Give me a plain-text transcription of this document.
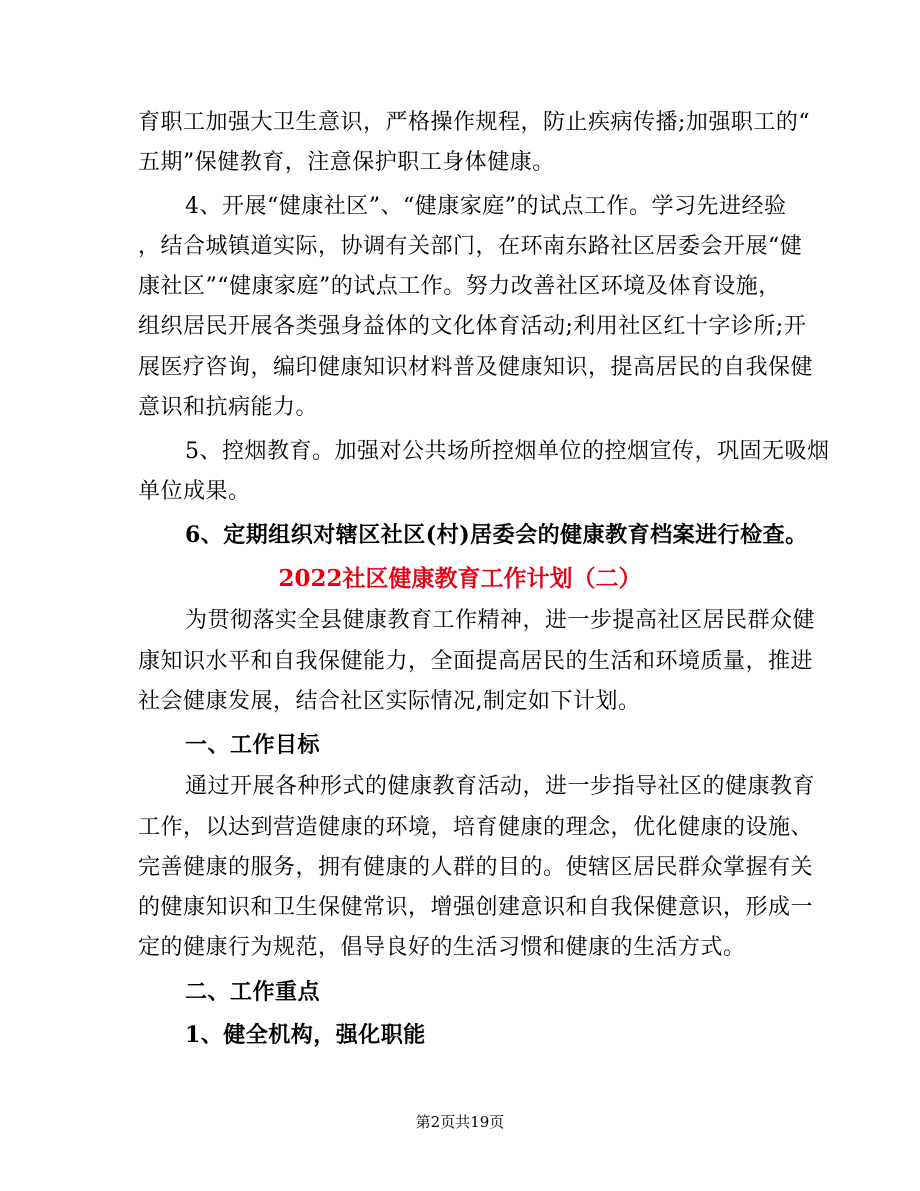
育职工加强大卫生意识，严格操作规程，防止疾病传播;加强职工的“
五期”保健教育，注意保护职工身体健康。
4、开展“健康社区”、“健康家庭”的试点工作。学习先进经验
，结合城镇道实际，协调有关部门，在环南东路社区居委会开展“健
康社区”“健康家庭”的试点工作。努力改善社区环境及体育设施，
组织居民开展各类强身益体的文化体育活动;利用社区红十字诊所;开
展医疗咨询，编印健康知识材料普及健康知识，提高居民的自我保健
意识和抗病能力。
5、控烟教育。加强对公共场所控烟单位的控烟宣传，巩固无吸烟
单位成果。
6、定期组织对辖区社区(村)居委会的健康教育档案进行检查。
2022社区健康教育工作计划（二）
为贯彻落实全县健康教育工作精神，进一步提高社区居民群众健
康知识水平和自我保健能力，全面提高居民的生活和环境质量，推进
社会健康发展，结合社区实际情况,制定如下计划。
一、工作目标
通过开展各种形式的健康教育活动，进一步指导社区的健康教育
工作，以达到营造健康的环境，培育健康的理念，优化健康的设施、
完善健康的服务，拥有健康的人群的目的。使辖区居民群众掌握有关
的健康知识和卫生保健常识，增强创建意识和自我保健意识，形成一
定的健康行为规范，倡导良好的生活习惯和健康的生活方式。
二、工作重点
1、健全机构，强化职能
第2页共19页
